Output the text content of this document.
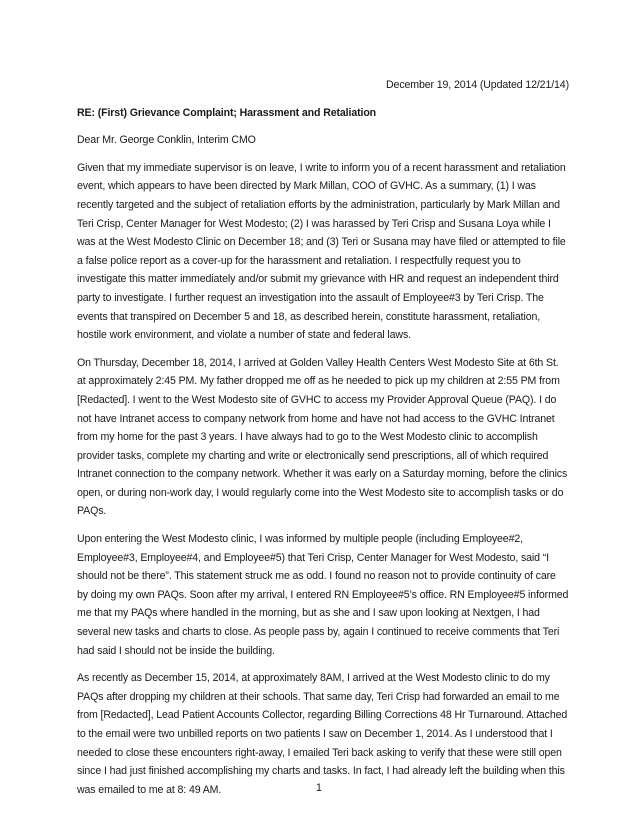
December 19, 2014 (Updated 12/21/14)
RE: (First) Grievance Complaint; Harassment and Retaliation
Dear Mr. George Conklin, Interim CMO
Given that my immediate supervisor is on leave, I write to inform you of a recent harassment and retaliation event, which appears to have been directed by Mark Millan, COO of GVHC. As a summary, (1) I was recently targeted and the subject of retaliation efforts by the administration, particularly by Mark Millan and Teri Crisp, Center Manager for West Modesto; (2) I was harassed by Teri Crisp and Susana Loya while I was at the West Modesto Clinic on December 18; and (3) Teri or Susana may have filed or attempted to file a false police report as a cover-up for the harassment and retaliation. I respectfully request you to investigate this matter immediately and/or submit my grievance with HR and request an independent third party to investigate. I further request an investigation into the assault of Employee#3 by Teri Crisp. The events that transpired on December 5 and 18, as described herein, constitute harassment, retaliation, hostile work environment, and violate a number of state and federal laws.
On Thursday, December 18, 2014, I arrived at Golden Valley Health Centers West Modesto Site at 6th St. at approximately 2:45 PM. My father dropped me off as he needed to pick up my children at 2:55 PM from [Redacted]. I went to the West Modesto site of GVHC to access my Provider Approval Queue (PAQ). I do not have Intranet access to company network from home and have not had access to the GVHC Intranet from my home for the past 3 years. I have always had to go to the West Modesto clinic to accomplish provider tasks, complete my charting and write or electronically send prescriptions, all of which required Intranet connection to the company network. Whether it was early on a Saturday morning, before the clinics open, or during non-work day, I would regularly come into the West Modesto site to accomplish tasks or do PAQs.
Upon entering the West Modesto clinic, I was informed by multiple people (including Employee#2, Employee#3, Employee#4, and Employee#5) that Teri Crisp, Center Manager for West Modesto, said “I should not be there”. This statement struck me as odd. I found no reason not to provide continuity of care by doing my own PAQs. Soon after my arrival, I entered RN Employee#5’s office. RN Employee#5 informed me that my PAQs where handled in the morning, but as she and I saw upon looking at Nextgen, I had several new tasks and charts to close. As people pass by, again I continued to receive comments that Teri had said I should not be inside the building.
As recently as December 15, 2014, at approximately 8AM, I arrived at the West Modesto clinic to do my PAQs after dropping my children at their schools. That same day, Teri Crisp had forwarded an email to me from [Redacted], Lead Patient Accounts Collector, regarding Billing Corrections 48 Hr Turnaround. Attached to the email were two unbilled reports on two patients I saw on December 1, 2014. As I understood that I needed to close these encounters right-away, I emailed Teri back asking to verify that these were still open since I had just finished accomplishing my charts and tasks. In fact, I had already left the building when this was emailed to me at 8: 49 AM.	1
